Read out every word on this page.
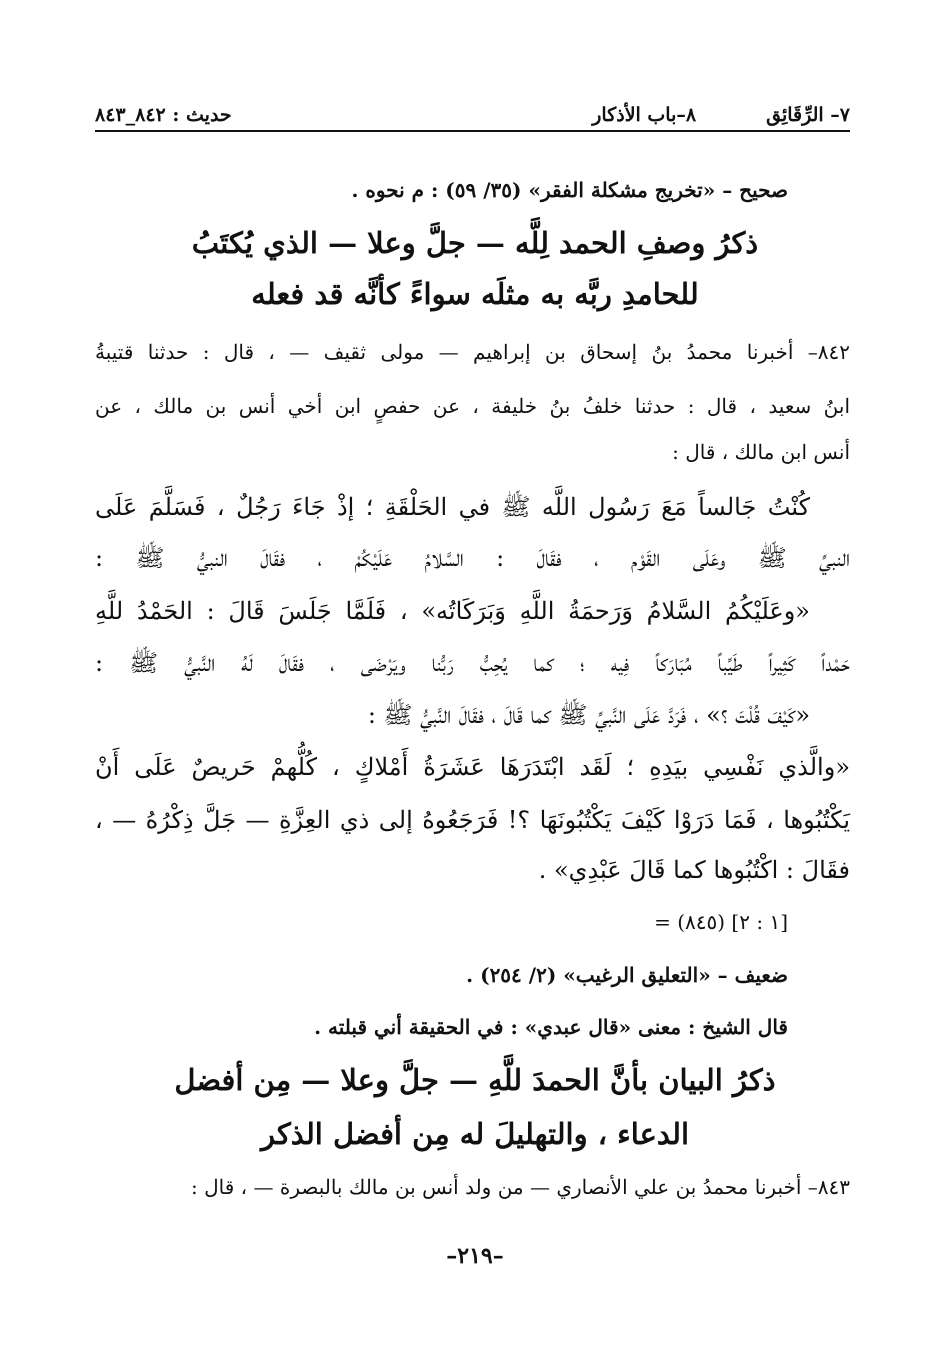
٧– الرِّقَائِق
٨–باب الأذكار
حديث : ٨٤٢_٨٤٣
صحيح – «تخريج مشكلة الفقر» (٣٥/ ٥٩) : م نحوه .
ذكرُ وصفِ الحمد لِلَّه — جلَّ وعلا — الذي يُكتَبُ
للحامدِ ربَّه به مثلَه سواءً كأنَّه قد فعله
٨٤٢– أخبرنا محمدُ بنُ إسحاق بن إبراهيم — مولى ثقيف — ، قال : حدثنا قتيبةُ
ابنُ سعيد ، قال : حدثنا خلفُ بنُ خليفة ، عن حفصٍ ابن أخي أنس بن مالك ، عن
أنس ابن مالك ، قال :
كُنْتُ جَالساً مَعَ رَسُول اللَّه ﷺ في الحَلْقَةِ ؛ إذْ جَاءَ رَجُلٌ ، فَسَلَّمَ عَلَى
النبيِّ ﷺ وعَلَى القَوْم ، فقَالَ : السَّلامُ عَلَيْكُمْ ، فقَالَ النبيُّ ﷺ :
«وعَلَيْكُمُ السَّلامُ وَرَحمَةُ اللَّهِ وَبَرَكَاتُه» ، فَلَمَّا جَلَسَ قَالَ : الحَمْدُ للَّهِ
حَمْداً كَثِيراً طَيِّباً مُبَارَكاً فِيه ؛ كما يُحِبُّ رَبُّنا ويَرْضَى ، فقَالَ لَهُ النَّبيُّ ﷺ :
«كَيْفَ قُلْتَ ؟» ، فَرَدَّ عَلَى النَّبيِّ ﷺ كما قَالَ ، فقَالَ النَّبيُّ ﷺ :
«والَّذي نَفْسِي بيَدِهِ ؛ لَقَد ابْتَدَرَهَا عَشَرَةُ أَمْلاكٍ ، كُلُّهمْ حَريصٌ عَلَى أَنْ
يَكْتُبُوها ، فَمَا دَرَوْا كَيْفَ يَكْتُبُونَهَا ؟! فَرَجَعُوهُ إلى ذي العِزَّةِ — جَلَّ ذِكْرُهُ — ،
فقَالَ : اكْتُبُوها كما قَالَ عَبْدِي» .
= (٨٤٥) [١ : ٢]
ضعيف – «التعليق الرغيب» (٢/ ٢٥٤) .
قال الشيخ : معنى «قال عبدي» : في الحقيقة أني قبلته .
ذكرُ البيان بأنَّ الحمدَ للَّهِ — جلَّ وعلا — مِن أفضل
الدعاء ، والتهليلَ له مِن أفضل الذكر
٨٤٣– أخبرنا محمدُ بن علي الأنصاري — من ولد أنس بن مالك بالبصرة — ، قال :
–٢١٩–
